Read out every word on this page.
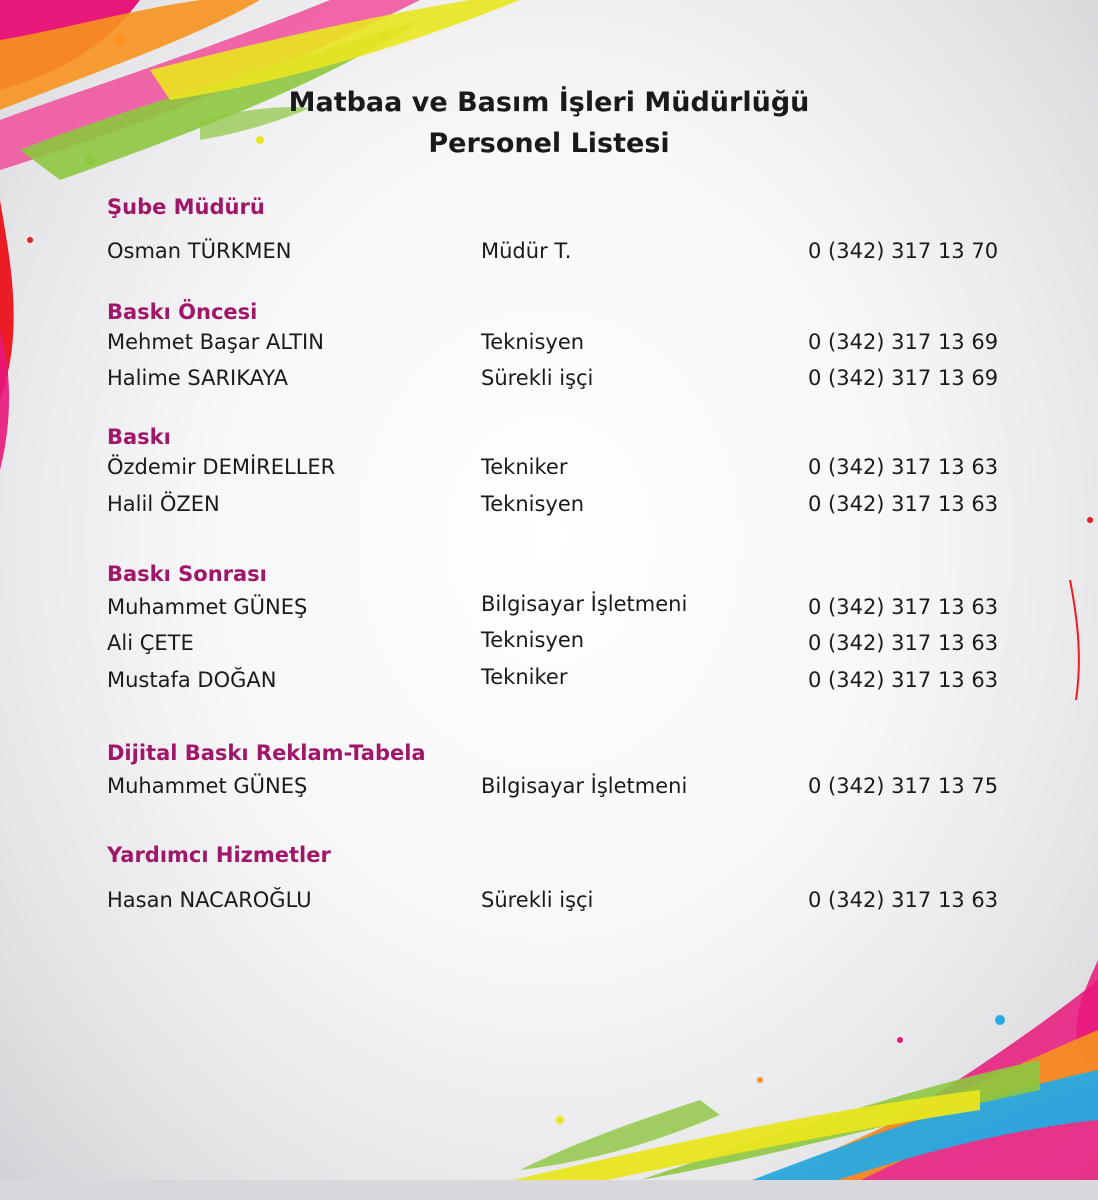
Matbaa ve Basım İşleri Müdürlüğü
Personel Listesi
Şube Müdürü
Osman TÜRKMEN	Müdür T.	0 (342) 317 13 70
Baskı Öncesi
Mehmet Başar ALTIN	Teknisyen	0 (342) 317 13 69
Halime SARIKAYA	Sürekli işçi	0 (342) 317 13 69
Baskı
Özdemir DEMİRELLER	Tekniker	0 (342) 317 13 63
Halil ÖZEN	Teknisyen	0 (342) 317 13 63
Baskı Sonrası
Muhammet GÜNEŞ	Bilgisayar İşletmeni	0 (342) 317 13 63
Ali ÇETE	Teknisyen	0 (342) 317 13 63
Mustafa DOĞAN	Tekniker	0 (342) 317 13 63
Dijital Baskı Reklam-Tabela
Muhammet GÜNEŞ	Bilgisayar İşletmeni	0 (342) 317 13 75
Yardımcı Hizmetler
Hasan NACAROĞLU	Sürekli işçi	0 (342) 317 13 63
